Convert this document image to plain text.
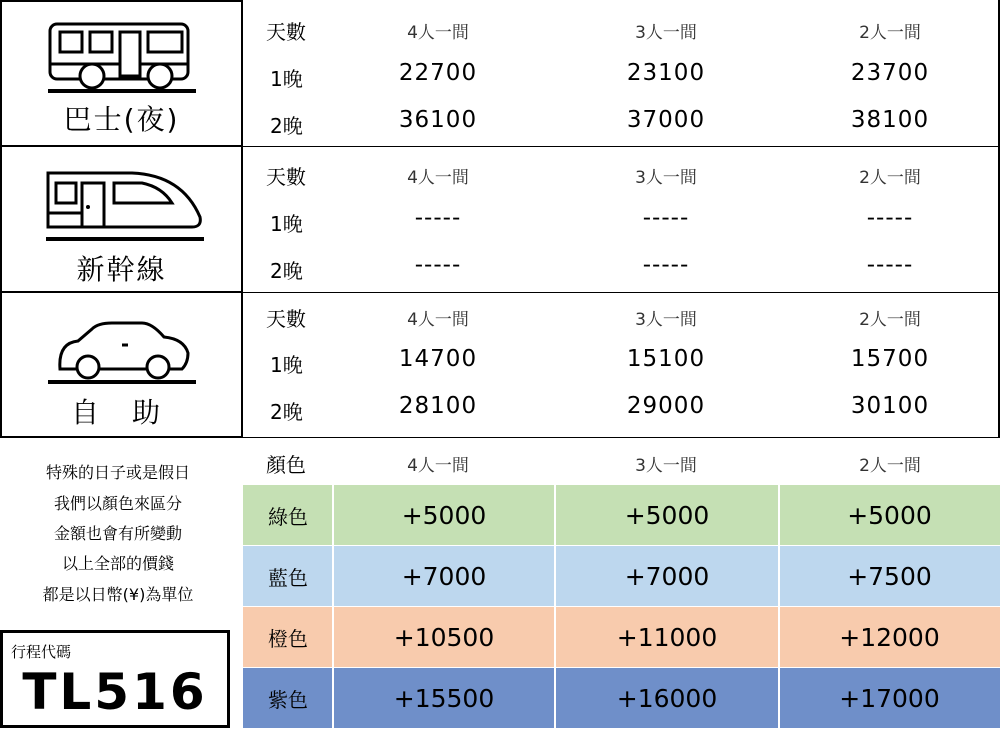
巴士(夜)
新幹線
自 助
天數	4人一間	3人一間	2人一間
1晚	22700	23100	23700
2晚	36100	37000	38100
天數	4人一間	3人一間	2人一間
1晚	-----	-----	-----
2晚	-----	-----	-----
天數	4人一間	3人一間	2人一間
1晚	14700	15100	15700
2晚	28100	29000	30100
顏色	4人一間	3人一間	2人一間
綠色	+5000	+5000	+5000
藍色	+7000	+7000	+7500
橙色	+10500	+11000	+12000
紫色	+15500	+16000	+17000
特殊的日子或是假日
我們以顏色來區分
金額也會有所變動
以上全部的價錢
都是以日幣(¥)為單位
行程代碼
TL516
